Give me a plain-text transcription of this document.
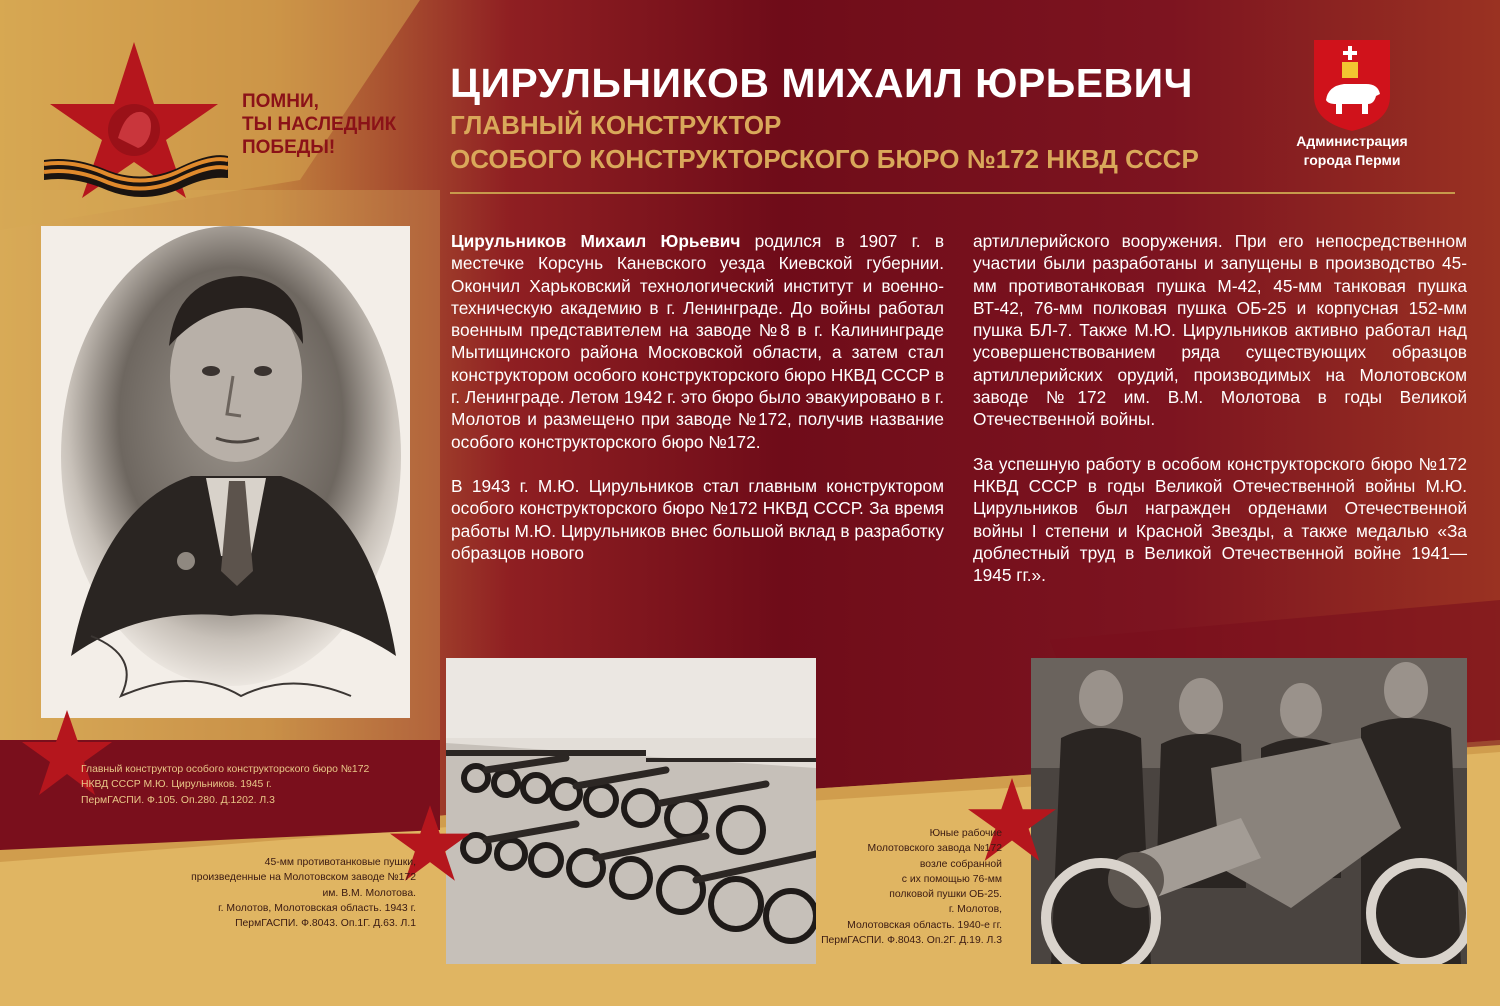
ПОМНИ,
ТЫ НАСЛЕДНИК
ПОБЕДЫ!
ЦИРУЛЬНИКОВ МИХАИЛ ЮРЬЕВИЧ
ГЛАВНЫЙ КОНСТРУКТОР
ОСОБОГО КОНСТРУКТОРСКОГО БЮРО №172 НКВД СССР
Администрация
города Перми
Главный конструктор особого конструкторского бюро №172
НКВД СССР М.Ю. Цирульников. 1945 г.
ПермГАСПИ. Ф.105. Оп.280. Д.1202. Л.3

Цирульников Михаил Юрьевич родился в 1907 г. в местечке Корсунь Каневского уезда Киевской губернии. Окончил Харьковский технологический институт и военно-техническую академию в г. Ленинграде. До войны работал военным представителем на заводе №8 в г. Калининграде Мытищинского района Московской области, а затем стал конструктором особого конструкторского бюро НКВД СССР в г. Ленинграде. Летом 1942 г. это бюро было эвакуировано в г. Молотов и размещено при заводе №172, получив название особого конструкторского бюро №172.

В 1943 г. М.Ю. Цирульников стал главным конструктором особого конструкторского бюро №172 НКВД СССР. За время работы М.Ю. Цирульников внес большой вклад в разработку образцов нового

артиллерийского вооружения. При его непосредственном участии были разработаны и запущены в производство 45-мм противотанковая пушка М-42, 45-мм танковая пушка ВТ-42, 76-мм полковая пушка ОБ-25 и корпусная 152-мм пушка БЛ-7. Также М.Ю. Цирульников активно работал над усовершенствованием ряда существующих образцов артиллерийских орудий, производимых на Молотовском заводе №172 им. В.М. Молотова в годы Великой Отечественной войны.

За успешную работу в особом конструкторского бюро №172 НКВД СССР в годы Великой Отечественной войны М.Ю. Цирульников был награжден орденами Отечественной войны I степени и Красной Звезды, а также медалью «За доблестный труд в Великой Отечественной войне 1941—1945 гг.».

45-мм противотанковые пушки,
произведенные на Молотовском заводе №172
им. В.М. Молотова.
г. Молотов, Молотовская область. 1943 г.
ПермГАСПИ. Ф.8043. Оп.1Г. Д.63. Л.1
Юные рабочие
Молотовского завода №172
возле собранной
с их помощью 76-мм
полковой пушки ОБ-25.
г. Молотов,
Молотовская область. 1940-е гг.
ПермГАСПИ. Ф.8043. Оп.2Г. Д.19. Л.3
